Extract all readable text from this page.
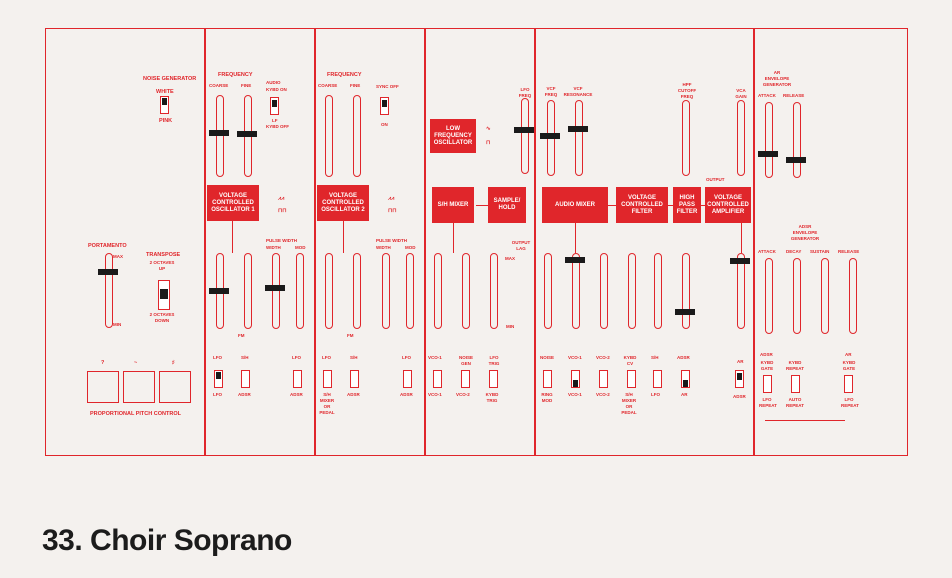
NOISE GENERATOR
WHITE
PINK
PORTAMENTO
MAX
MIN
TRANSPOSE
2 OCTAVES UP
2 OCTAVES DOWN
?	~	♯
PROPORTIONAL PITCH CONTROL
FREQUENCY
COARSE	FINE
AUDIO
KYBD ON
LF
KYBD OFF
VOLTAGE CONTROLLED OSCILLATOR 1
⩘⩘
⊓⊓
PULSE WIDTH
WIDTH	MOD
FM
LFO	S/H	LFO
LFO	ADSR	ADSR
FREQUENCY
COARSE	FINE	SYNC OFF
ON
VOLTAGE CONTROLLED OSCILLATOR 2
⩘⩘
⊓⊓
PULSE WIDTH
WIDTH	MOD
FM
LFO	S/H	LFO
S/H MIXER OR PEDAL
ADSR	ADSR
LOW FREQUENCY OSCILLATOR
∿
⊓
LFO FREQ
S/H MIXER
SAMPLE/ HOLD
OUTPUT LAG
MAX
MIN
VCO-1	NOISE GEN
LFO TRIG
VCO-1	VCO-2	KYBD TRIG
VCF FREQ
VCF RESONANCE
AUDIO MIXER
VOLTAGE CONTROLLED FILTER
NOISE	VCO-1	VCO-2	KYBD CV
S/H	ADSR
RING MOD
VCO-1	VCO-2	S/H MIXER OR PEDAL
LFO	AR
HPF CUTOFF FREQ
HIGH PASS FILTER
VCA GAIN
OUTPUT
VOLTAGE CONTROLLED AMPLIFIER
AR
ADSR
AR ENVELOPE GENERATOR
ATTACK RELEASE
ADSR ENVELOPE GENERATOR
ATTACK DECAY SUSTAIN RELEASE
ADSR
KYBD GATE
KYBD REPEAT
AR
KYBD GATE
LFO REPEAT
AUTO REPEAT
LFO REPEAT
33. Choir Soprano
